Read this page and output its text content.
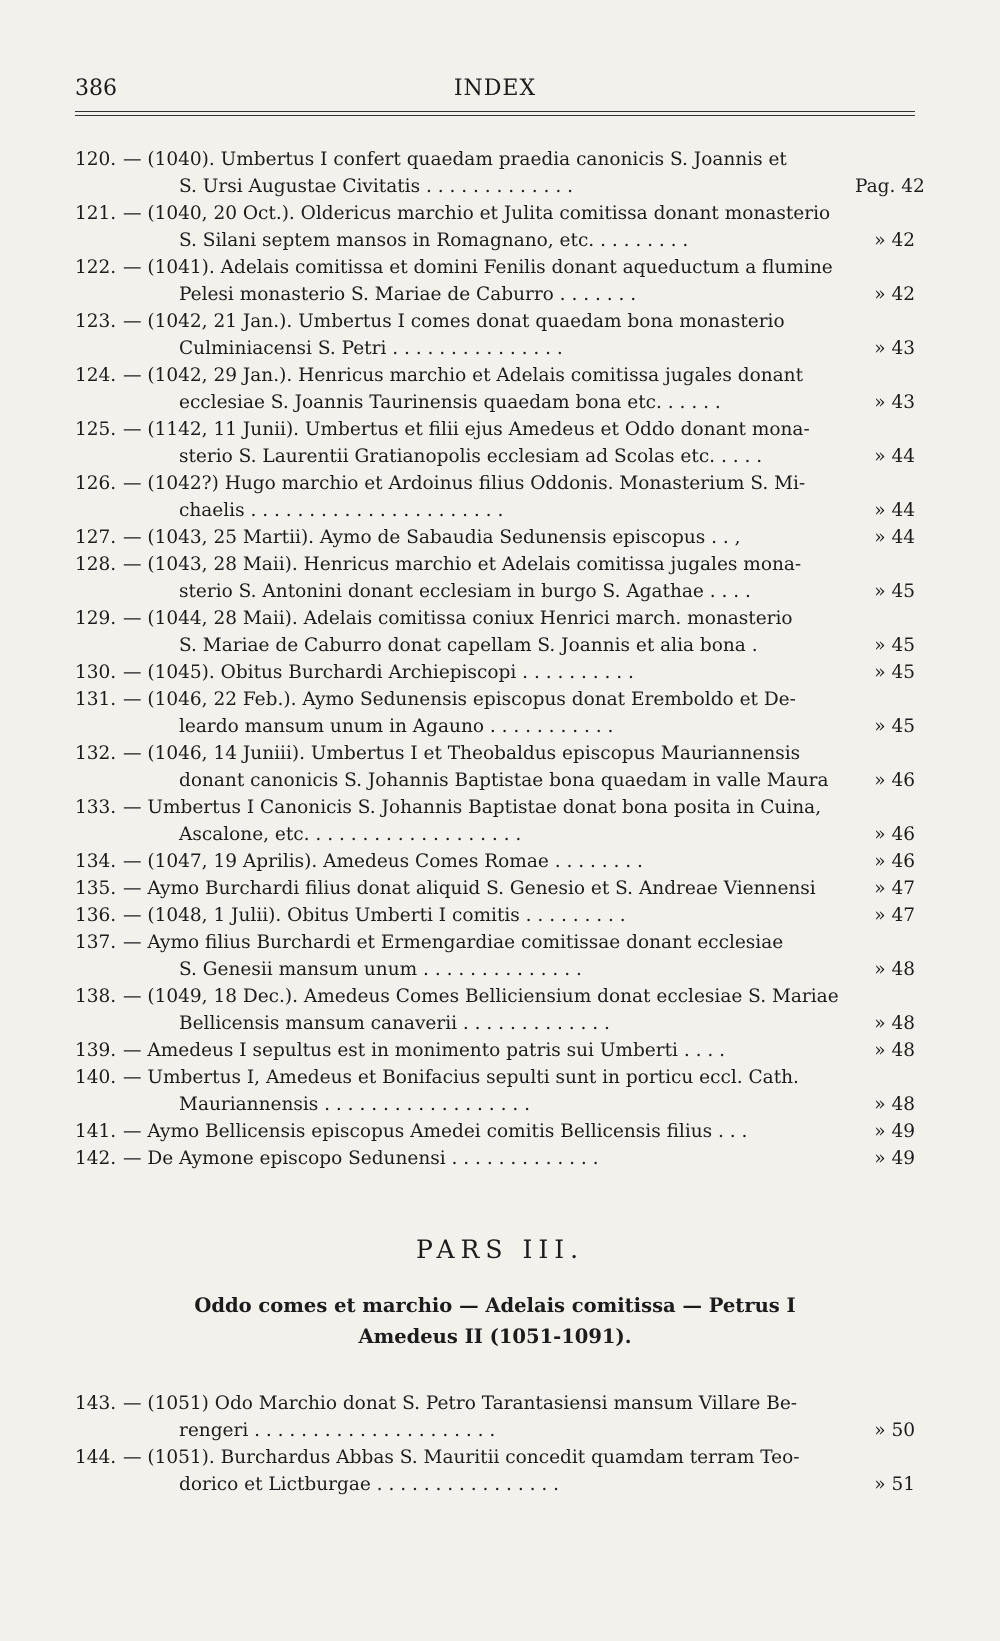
386	INDEX
120. — (1040). Umbertus I confert quaedam praedia canonicis S. Joannis et
S. Ursi Augustae Civitatis . . . . . . . . . . . . .	Pag. 42
121. — (1040, 20 Oct.). Oldericus marchio et Julita comitissa donant monasterio
S. Silani septem mansos in Romagnano, etc. . . . . . . . .	» 42
122. — (1041). Adelais comitissa et domini Fenilis donant aqueductum a flumine
Pelesi monasterio S. Mariae de Caburro . . . . . . .	» 42
123. — (1042, 21 Jan.). Umbertus I comes donat quaedam bona monasterio
Culminiacensi S. Petri . . . . . . . . . . . . . . .	» 43
124. — (1042, 29 Jan.). Henricus marchio et Adelais comitissa jugales donant
ecclesiae S. Joannis Taurinensis quaedam bona etc. . . . . .	» 43
125. — (1142, 11 Junii). Umbertus et filii ejus Amedeus et Oddo donant mona-
sterio S. Laurentii Gratianopolis ecclesiam ad Scolas etc. . . . .	» 44
126. — (1042?) Hugo marchio et Ardoinus filius Oddonis. Monasterium S. Mi-
chaelis . . . . . . . . . . . . . . . . . . . . . .	» 44
127. — (1043, 25 Martii). Aymo de Sabaudia Sedunensis episcopus . . ,	» 44
128. — (1043, 28 Maii). Henricus marchio et Adelais comitissa jugales mona-
sterio S. Antonini donant ecclesiam in burgo S. Agathae . . . .	» 45
129. — (1044, 28 Maii). Adelais comitissa coniux Henrici march. monasterio
S. Mariae de Caburro donat capellam S. Joannis et alia bona .	» 45
130. — (1045). Obitus Burchardi Archiepiscopi . . . . . . . . . .	» 45
131. — (1046, 22 Feb.). Aymo Sedunensis episcopus donat Eremboldo et De-
leardo mansum unum in Agauno . . . . . . . . . . .	» 45
132. — (1046, 14 Juniii). Umbertus I et Theobaldus episcopus Mauriannensis
donant canonicis S. Johannis Baptistae bona quaedam in valle Maura	» 46
133. — Umbertus I Canonicis S. Johannis Baptistae donat bona posita in Cuina,
Ascalone, etc. . . . . . . . . . . . . . . . . . .	» 46
134. — (1047, 19 Aprilis). Amedeus Comes Romae . . . . . . . .	» 46
135. — Aymo Burchardi filius donat aliquid S. Genesio et S. Andreae Viennensi	» 47
136. — (1048, 1 Julii). Obitus Umberti I comitis . . . . . . . . .	» 47
137. — Aymo filius Burchardi et Ermengardiae comitissae donant ecclesiae
S. Genesii mansum unum . . . . . . . . . . . . . .	» 48
138. — (1049, 18 Dec.). Amedeus Comes Belliciensium donat ecclesiae S. Mariae
Bellicensis mansum canaverii . . . . . . . . . . . . .	» 48
139. — Amedeus I sepultus est in monimento patris sui Umberti . . . .	» 48
140. — Umbertus I, Amedeus et Bonifacius sepulti sunt in porticu eccl. Cath.
Mauriannensis . . . . . . . . . . . . . . . . . .	» 48
141. — Aymo Bellicensis episcopus Amedei comitis Bellicensis filius . . .	» 49
142. — De Aymone episcopo Sedunensi . . . . . . . . . . . . .	» 49
PARS III.
Oddo comes et marchio — Adelais comitissa — Petrus I
Amedeus II (1051-1091).
143. — (1051) Odo Marchio donat S. Petro Tarantasiensi mansum Villare Be-
rengeri . . . . . . . . . . . . . . . . . . . . .	» 50
144. — (1051). Burchardus Abbas S. Mauritii concedit quamdam terram Teo-
dorico et Lictburgae . . . . . . . . . . . . . . . .	» 51
